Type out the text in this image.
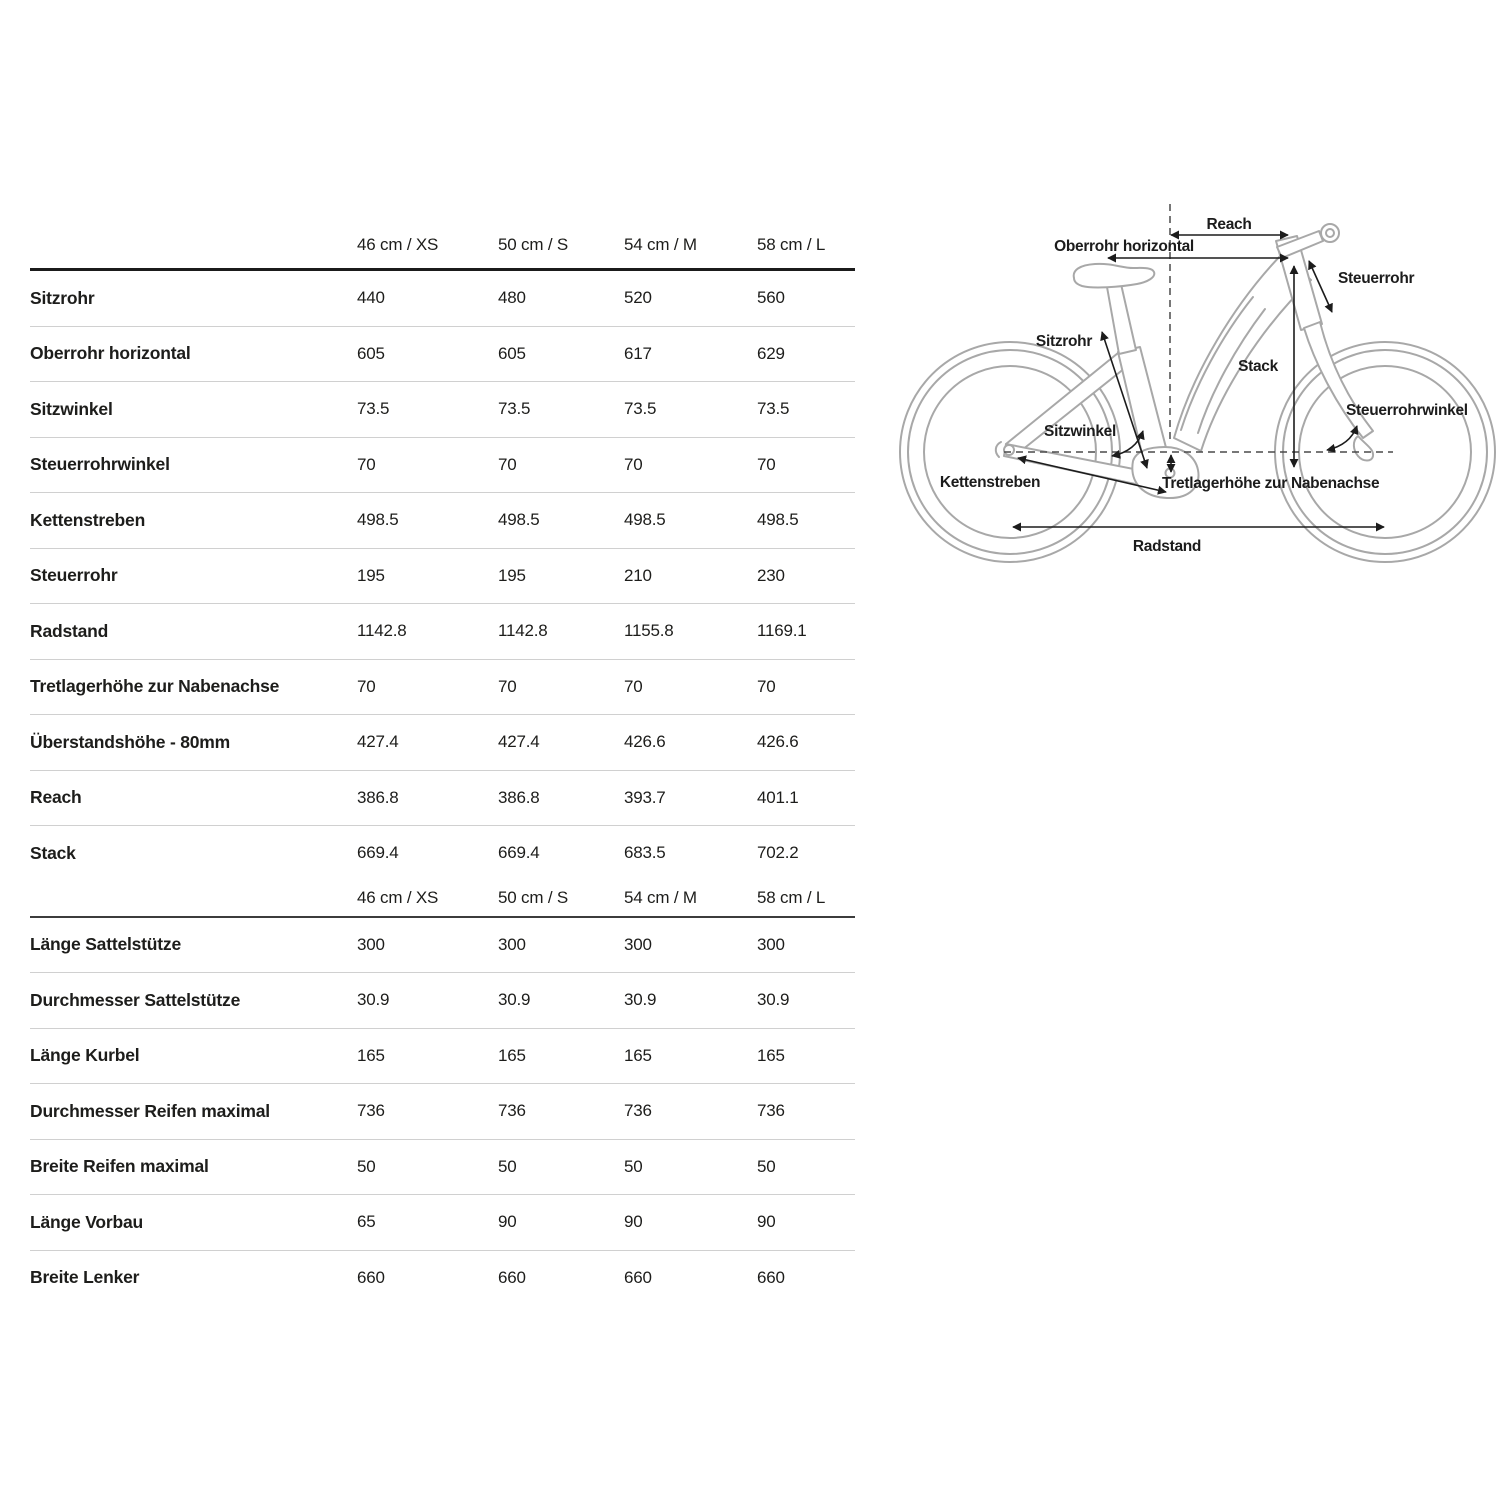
46 cm / XS	50 cm / S	54 cm / M	58 cm / L
Sitzrohr	440	480	520	560
Oberrohr horizontal	605	605	617	629
Sitzwinkel	73.5	73.5	73.5	73.5
Steuerrohrwinkel	70	70	70	70
Kettenstreben	498.5	498.5	498.5	498.5
Steuerrohr	195	195	210	230
Radstand	1142.8	1142.8	1155.8	1169.1
Tretlagerhöhe zur Nabenachse	70	70	70	70
Überstandshöhe - 80mm	427.4	427.4	426.6	426.6
Reach	386.8	386.8	393.7	401.1
Stack	669.4	669.4	683.5	702.2
46 cm / XS	50 cm / S	54 cm / M	58 cm / L
Länge Sattelstütze	300	300	300	300
Durchmesser Sattelstütze	30.9	30.9	30.9	30.9
Länge Kurbel	165	165	165	165
Durchmesser Reifen maximal	736	736	736	736
Breite Reifen maximal	50	50	50	50
Länge Vorbau	65	90	90	90
Breite Lenker	660	660	660	660
Reach
Oberrohr horizontal
Steuerrohr
Sitzrohr
Stack
Steuerrohrwinkel
Sitzwinkel
Kettenstreben	Tretlagerhöhe zur Nabenachse
Radstand
